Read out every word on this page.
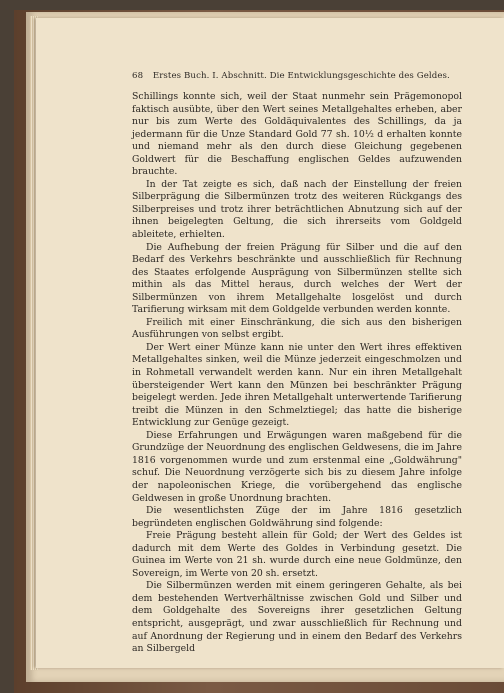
68 Erstes Buch. I. Abschnitt. Die Entwicklungsgeschichte des Geldes.

Schillings konnte sich, weil der Staat nunmehr sein Prägemonopol faktisch ausübte, über den Wert seines Metallgehaltes erheben, aber nur bis zum Werte des Goldäquivalentes des Schillings, da ja jedermann für die Unze Standard Gold 77 sh. 10½ d erhalten konnte und niemand mehr als den durch diese Gleichung gegebenen Goldwert für die Beschaffung englischen Geldes aufzuwenden brauchte.

In der Tat zeigte es sich, daß nach der Einstellung der freien Silberprägung die Silbermünzen trotz des weiteren Rückgangs des Silberpreises und trotz ihrer beträchtlichen Abnutzung sich auf der ihnen beigelegten Geltung, die sich ihrerseits vom Goldgeld ableitete, erhielten.

Die Aufhebung der freien Prägung für Silber und die auf den Bedarf des Verkehrs beschränkte und ausschließlich für Rechnung des Staates erfolgende Ausprägung von Silbermünzen stellte sich mithin als das Mittel heraus, durch welches der Wert der Silbermünzen von ihrem Metallgehalte losgelöst und durch Tarifierung wirksam mit dem Goldgelde verbunden werden konnte.

Freilich mit einer Einschränkung, die sich aus den bisherigen Ausführungen von selbst ergibt.

Der Wert einer Münze kann nie unter den Wert ihres effektiven Metallgehaltes sinken, weil die Münze jederzeit eingeschmolzen und in Rohmetall verwandelt werden kann. Nur ein ihren Metallgehalt übersteigender Wert kann den Münzen bei beschränkter Prägung beigelegt werden. Jede ihren Metallgehalt unterwertende Tarifierung treibt die Münzen in den Schmelztiegel; das hatte die bisherige Entwicklung zur Genüge gezeigt.

Diese Erfahrungen und Erwägungen waren maßgebend für die Grundzüge der Neuordnung des englischen Geldwesens, die im Jahre 1816 vorgenommen wurde und zum erstenmal eine „Goldwährung" schuf. Die Neuordnung verzögerte sich bis zu diesem Jahre infolge der napoleonischen Kriege, die vorübergehend das englische Geldwesen in große Unordnung brachten.

Die wesentlichsten Züge der im Jahre 1816 gesetzlich begründeten englischen Goldwährung sind folgende:

Freie Prägung besteht allein für Gold; der Wert des Geldes ist dadurch mit dem Werte des Goldes in Verbindung gesetzt. Die Guinea im Werte von 21 sh. wurde durch eine neue Goldmünze, den Sovereign, im Werte von 20 sh. ersetzt.

Die Silbermünzen werden mit einem geringeren Gehalte, als bei dem bestehenden Wertverhältnisse zwischen Gold und Silber und dem Goldgehalte des Sovereigns ihrer gesetzlichen Geltung entspricht, ausgeprägt, und zwar ausschließlich für Rechnung und auf Anordnung der Regierung und in einem den Bedarf des Verkehrs an Silbergeld
